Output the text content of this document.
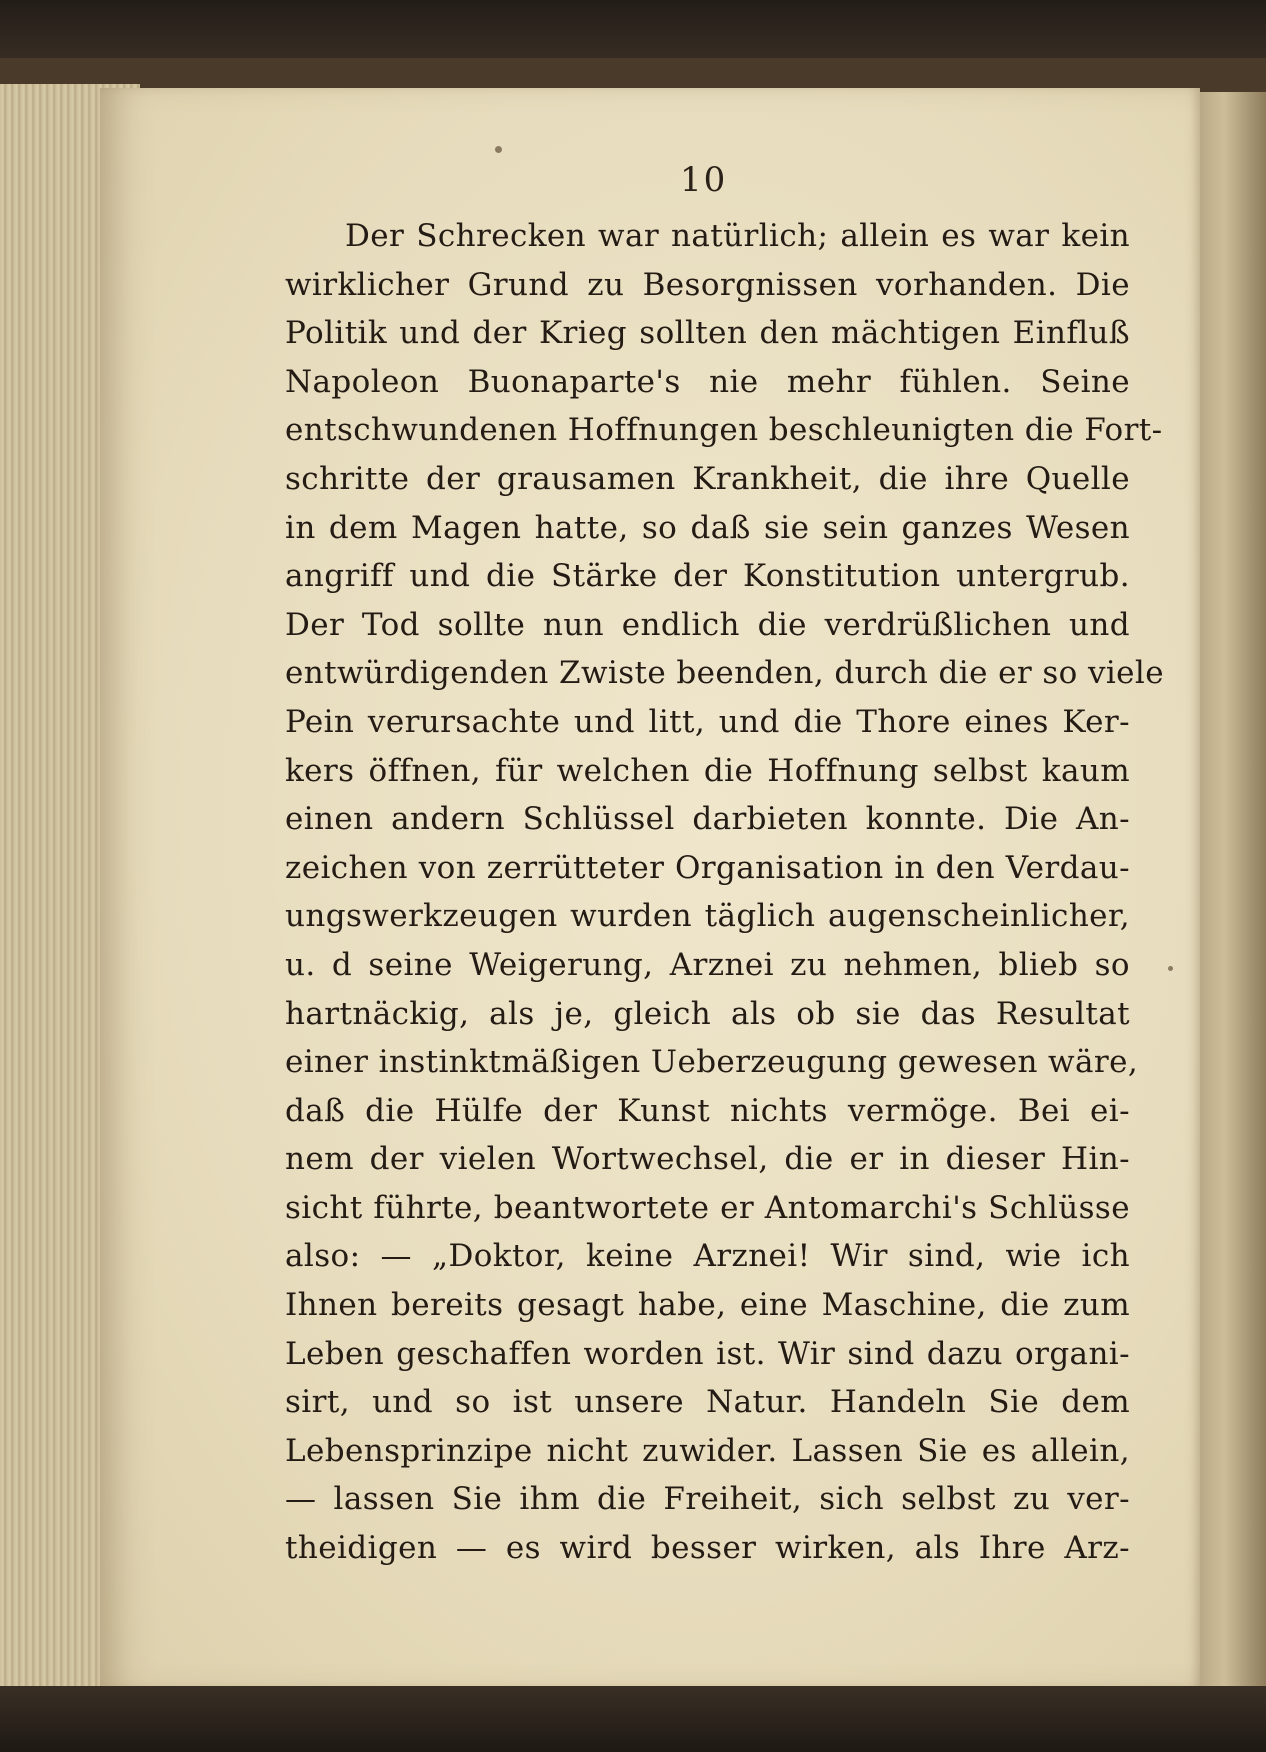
10
Der Schrecken war natürlich; allein es war kein
wirklicher Grund zu Besorgnissen vorhanden. Die
Politik und der Krieg sollten den mächtigen Einfluß
Napoleon Buonaparte's nie mehr fühlen. Seine
entschwundenen Hoffnungen beschleunigten die Fort-
schritte der grausamen Krankheit, die ihre Quelle
in dem Magen hatte, so daß sie sein ganzes Wesen
angriff und die Stärke der Konstitution untergrub.
Der Tod sollte nun endlich die verdrüßlichen und
entwürdigenden Zwiste beenden, durch die er so viele
Pein verursachte und litt, und die Thore eines Ker-
kers öffnen, für welchen die Hoffnung selbst kaum
einen andern Schlüssel darbieten konnte. Die An-
zeichen von zerrütteter Organisation in den Verdau-
ungswerkzeugen wurden täglich augenscheinlicher,
u. d seine Weigerung, Arznei zu nehmen, blieb so
hartnäckig, als je, gleich als ob sie das Resultat
einer instinktmäßigen Ueberzeugung gewesen wäre,
daß die Hülfe der Kunst nichts vermöge. Bei ei-
nem der vielen Wortwechsel, die er in dieser Hin-
sicht führte, beantwortete er Antomarchi's Schlüsse
also: — „Doktor, keine Arznei! Wir sind, wie ich
Ihnen bereits gesagt habe, eine Maschine, die zum
Leben geschaffen worden ist. Wir sind dazu organi-
sirt, und so ist unsere Natur. Handeln Sie dem
Lebensprinzipe nicht zuwider. Lassen Sie es allein,
— lassen Sie ihm die Freiheit, sich selbst zu ver-
theidigen — es wird besser wirken, als Ihre Arz-
